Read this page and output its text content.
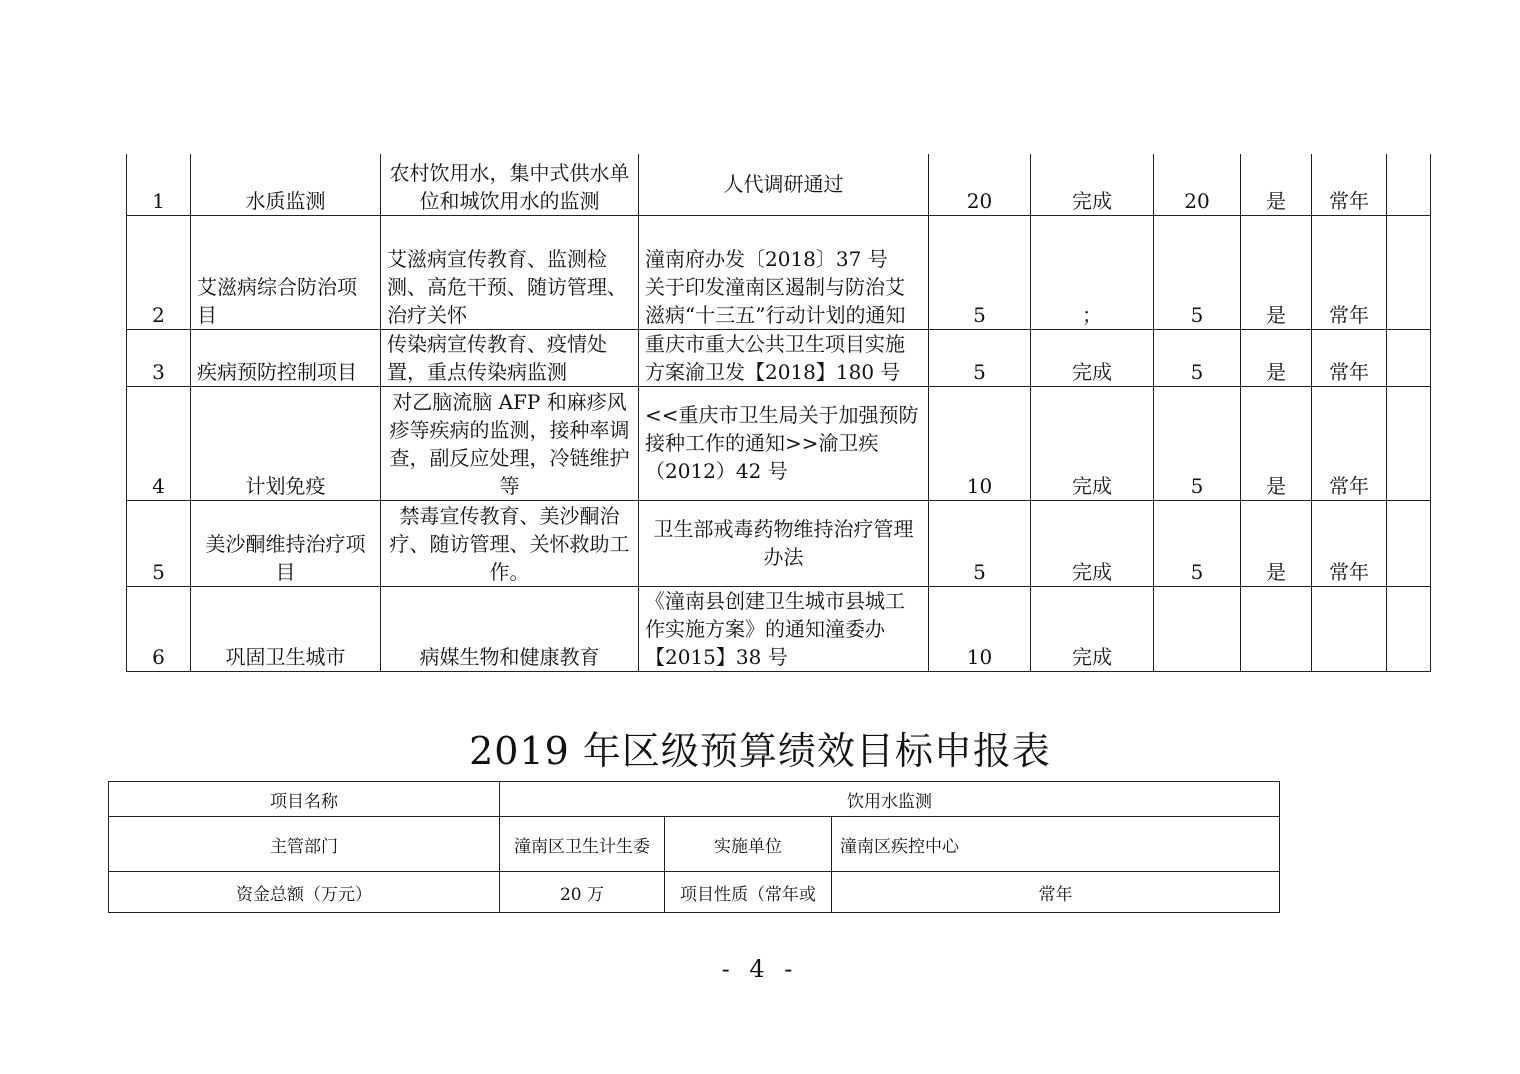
1	水质监测	农村饮用水，集中式供水单位和城饮用水的监测	人代调研通过	20	完成	20	是	常年	
2	艾滋病综合防治项目	艾滋病宣传教育、监测检测、高危干预、随访管理、治疗关怀	潼南府办发〔2018〕37 号　关于印发潼南区遏制与防治艾滋病“十三五”行动计划的通知	5	；	5	是	常年	
3	疾病预防控制项目	传染病宣传教育、疫情处置，重点传染病监测	重庆市重大公共卫生项目实施方案渝卫发【2018】180 号	5	完成	5	是	常年	
4	计划免疫	对乙脑流脑 AFP 和麻疹风疹等疾病的监测，接种率调查，副反应处理，冷链维护等	<<重庆市卫生局关于加强预防接种工作的通知>>渝卫疾（2012）42 号	10	完成	5	是	常年	
5	美沙酮维持治疗项目	禁毒宣传教育、美沙酮治疗、随访管理、关怀救助工作。	卫生部戒毒药物维持治疗管理办法	5	完成	5	是	常年	
6	巩固卫生城市	病媒生物和健康教育	《潼南县创建卫生城市县城工作实施方案》的通知潼委办【2015】38 号	10	完成				
2019 年区级预算绩效目标申报表
项目名称	饮用水监测		
主管部门	潼南区卫生计生委	实施单位	潼南区疾控中心
资金总额（万元）	20 万	项目性质（常年或	常年
- 4 -
